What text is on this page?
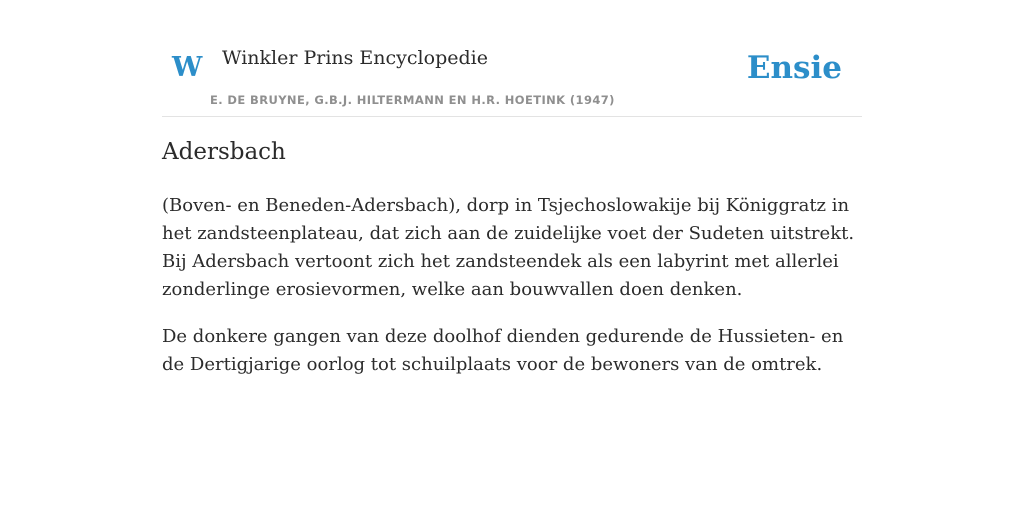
W Winkler Prins Encyclopedie
E. DE BRUYNE, G.B.J. HILTERMANN EN H.R. HOETINK (1947)
Ensie
Adersbach

(Boven- en Beneden-Adersbach), dorp in Tsjechoslowakije bij Königgratz in het zandsteenplateau, dat zich aan de zuidelijke voet der Sudeten uitstrekt. Bij Adersbach vertoont zich het zandsteendek als een labyrint met allerlei zonderlinge erosievormen, welke aan bouwvallen doen denken.

De donkere gangen van deze doolhof dienden gedurende de Hussieten- en de Dertigjarige oorlog tot schuilplaats voor de bewoners van de omtrek.
